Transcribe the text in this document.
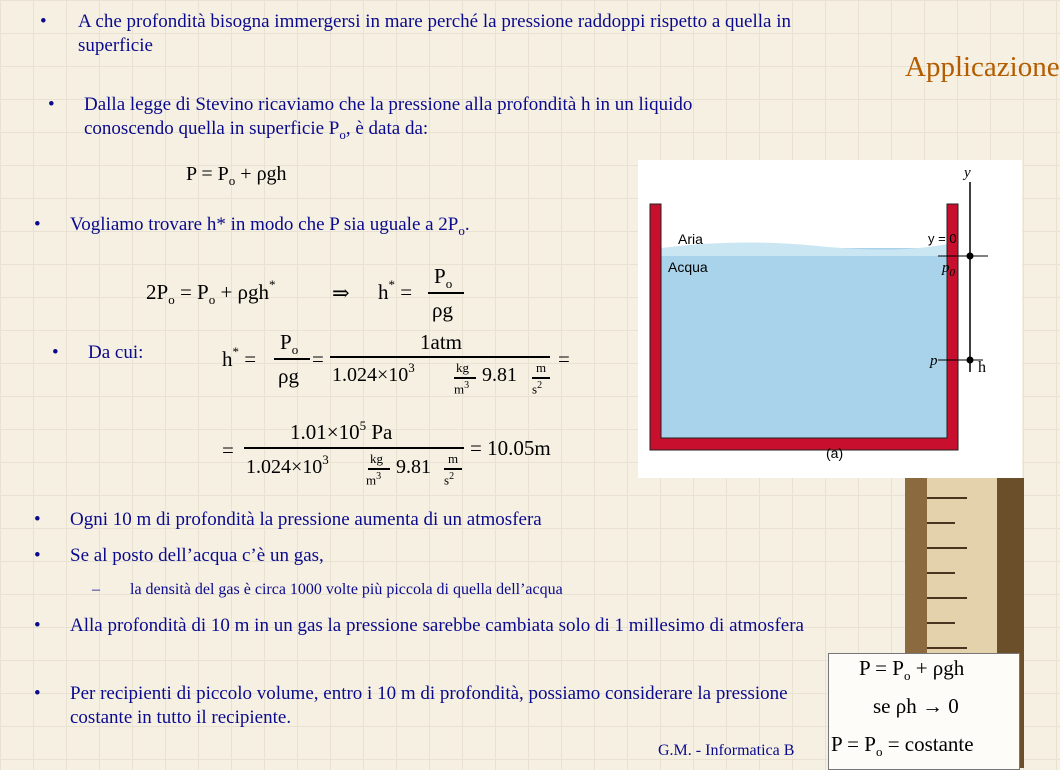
Applicazione
• A che profondità bisogna immergersi in mare perché la pressione raddoppi rispetto a quella in superficie
• Dalla legge di Stevino ricaviamo che la pressione alla profondità h in un liquido conoscendo quella in superficie $P_o$, è data da:
$P = P_o + \rho gh$
• Vogliamo trovare h* in modo che P sia uguale a $2P_o$.
$2P_o = P_o + \rho gh^*$	⇒ h* =
$P_o$
ρg
• Da cui:	h* =
$P_o$
ρg
=
1atm
$1.024\times 10^3$	kg
$m^3$ 9.81 m
$s^2$
=
=
$1.01\times 10^5$ Pa
$1.024\times 10^3$	kg
$m^3$ 9.81 m
$s^2$
= 10.05m
• Ogni 10 m di profondità la pressione aumenta di un atmosfera
• Se al posto dell’acqua c’è un gas,
– la densità del gas è circa 1000 volte più piccola di quella dell’acqua
• Alla profondità di 10 m in un gas la pressione sarebbe cambiata solo di 1 millesimo di atmosfera
• Per recipienti di piccolo volume, entro i 10 m di profondità, possiamo considerare la pressione costante in tutto il recipiente.
Aria
Acqua
y
y = 0
$p_0$
p	h
(a)
$P = P_o + \rho gh$
se ρh → 0
$P = P_o$ = costante
G.M. - Informatica B
